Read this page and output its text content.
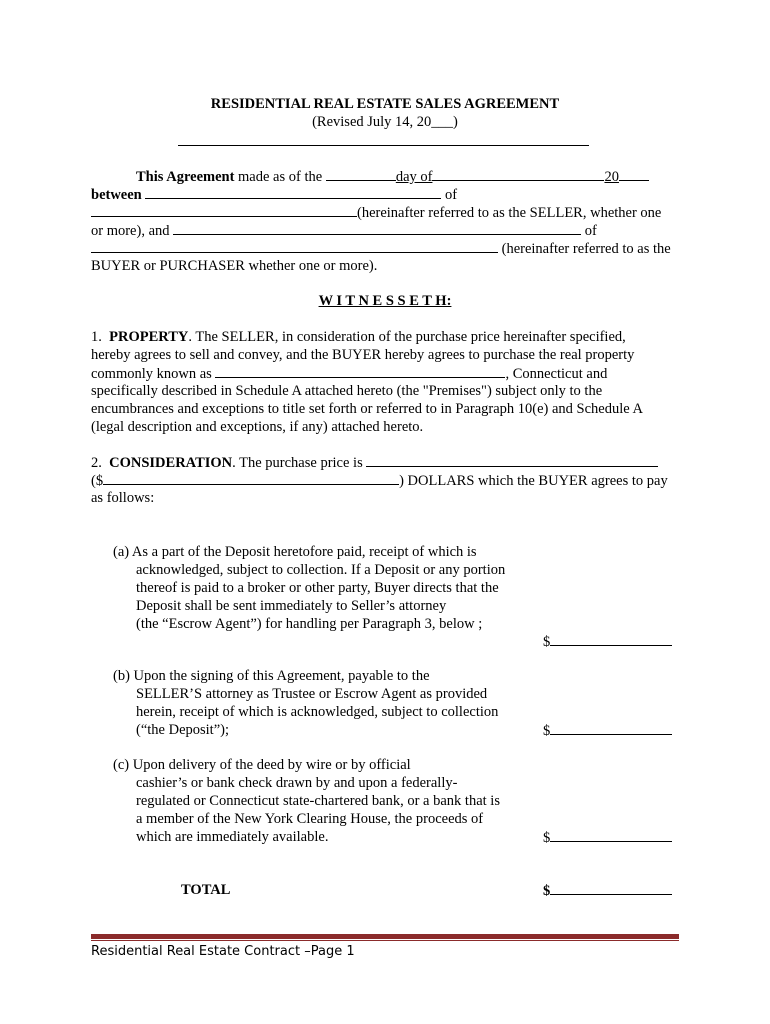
RESIDENTIAL REAL ESTATE SALES AGREEMENT
(Revised July 14, 20___)
This Agreement made as of the	day of	20
between	of
(hereinafter referred to as the SELLER, whether one
or more), and	of
(hereinafter referred to as the
BUYER or PURCHASER whether one or more).
W I T N E S S E T H:
1. PROPERTY. The SELLER, in consideration of the purchase price hereinafter specified,
hereby agrees to sell and convey, and the BUYER hereby agrees to purchase the real property
commonly known as	, Connecticut and
specifically described in Schedule A attached hereto (the "Premises") subject only to the
encumbrances and exceptions to title set forth or referred to in Paragraph 10(e) and Schedule A
(legal description and exceptions, if any) attached hereto.
2. CONSIDERATION. The purchase price is
($	) DOLLARS which the BUYER agrees to pay
as follows:
(a) As a part of the Deposit heretofore paid, receipt of which is
acknowledged, subject to collection. If a Deposit or any portion
thereof is paid to a broker or other party, Buyer directs that the
Deposit shall be sent immediately to Seller’s attorney
(the “Escrow Agent”) for handling per Paragraph 3, below ;
$
(b) Upon the signing of this Agreement, payable to the
SELLER’S attorney as Trustee or Escrow Agent as provided
herein, receipt of which is acknowledged, subject to collection
(“the Deposit”);	$
(c) Upon delivery of the deed by wire or by official
cashier’s or bank check drawn by and upon a federally-
regulated or Connecticut state-chartered bank, or a bank that is
a member of the New York Clearing House, the proceeds of
which are immediately available.	$
TOTAL	$
Residential Real Estate Contract –Page 1
